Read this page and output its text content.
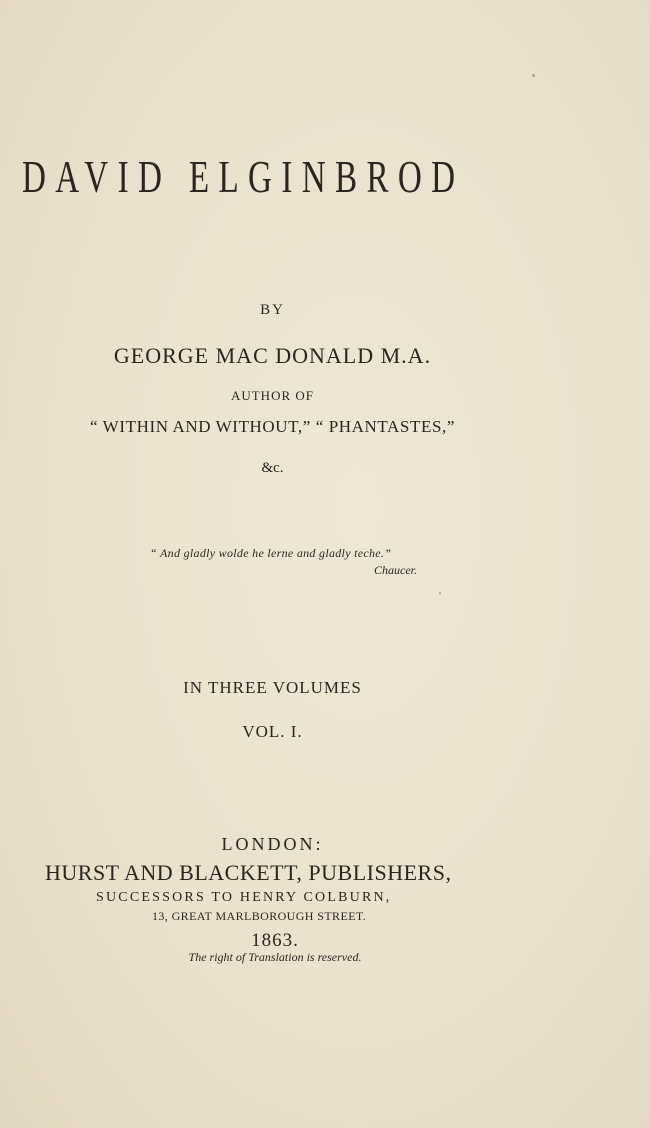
DAVID ELGINBROD
BY
GEORGE MAC DONALD M.A.
AUTHOR OF
“ WITHIN AND WITHOUT,” “ PHANTASTES,”
&c.
“ And gladly wolde he lerne and gladly teche.”
Chaucer.
IN THREE VOLUMES
VOL. I.
LONDON:
HURST AND BLACKETT, PUBLISHERS,
SUCCESSORS TO HENRY COLBURN,
13, GREAT MARLBOROUGH STREET.
1863.
The right of Translation is reserved.
